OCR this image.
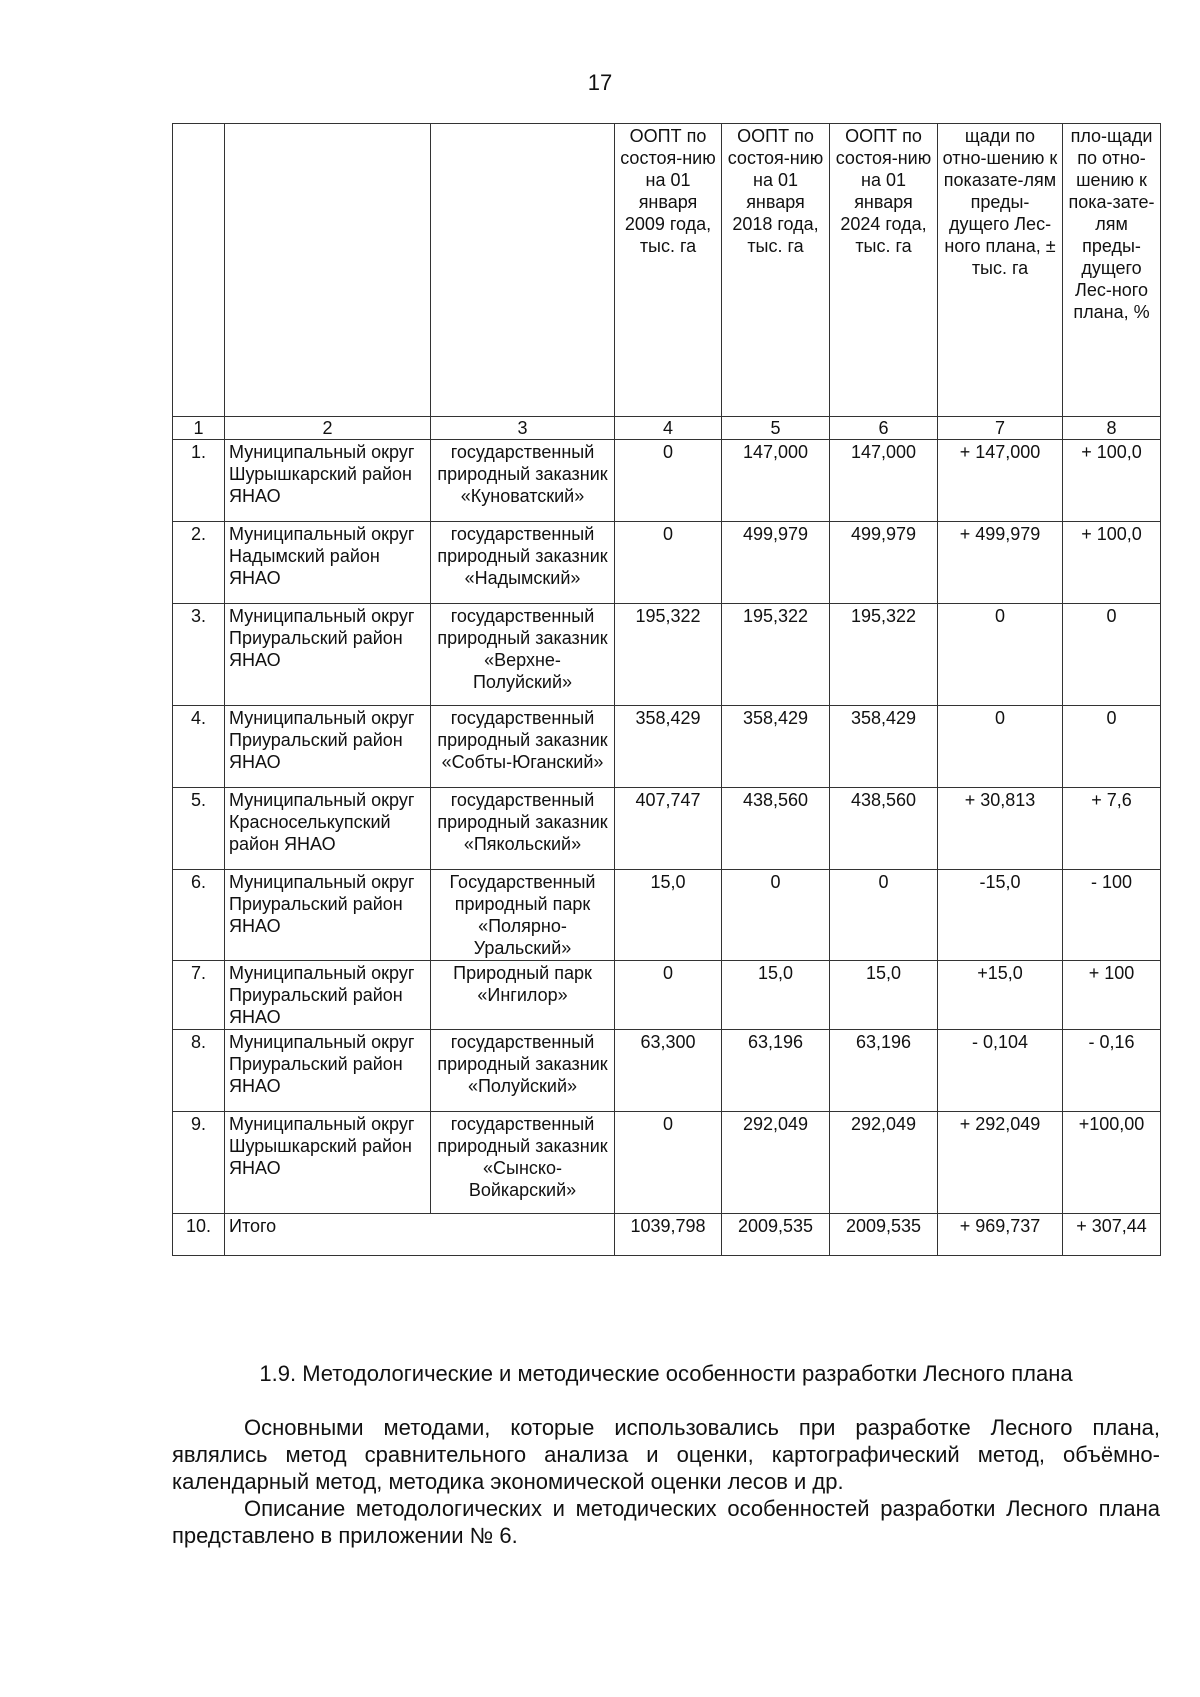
17
			ООПТ по состоя-нию на 01 января 2009 года, тыс. га	ООПТ по состоя-нию на 01 января 2018 года, тыс. га	ООПТ по состоя-нию на 01 января 2024 года, тыс. га	щади по отно-шению к показате-лям преды-дущего Лес-ного плана, ± тыс. га	пло-щади по отно-шению к пока-зате-лям преды-дущего Лес-ного плана, %
1	2	3	4	5	6	7	8
1.	Муниципальный округ Шурышкарский район ЯНАО	государственный природный заказник «Куноватский»	0	147,000	147,000	+ 147,000	+ 100,0
2.	Муниципальный округ Надымский район ЯНАО	государственный природный заказник «Надымский»	0	499,979	499,979	+ 499,979	+ 100,0
3.	Муниципальный округ Приуральский район ЯНАО	государственный природный заказник «Верхне-Полуйский»	195,322	195,322	195,322	0	0
4.	Муниципальный округ Приуральский район ЯНАО	государственный природный заказник «Собты-Юганский»	358,429	358,429	358,429	0	0
5.	Муниципальный округ Красноселькупский район ЯНАО	государственный природный заказник «Пякольский»	407,747	438,560	438,560	+ 30,813	+ 7,6
6.	Муниципальный округ Приуральский район ЯНАО	Государственный природный парк «Полярно-Уральский»	15,0	0	0	-15,0	- 100
7.	Муниципальный округ Приуральский район ЯНАО	Природный парк «Ингилор»	0	15,0	15,0	+15,0	+ 100
8.	Муниципальный округ Приуральский район ЯНАО	государственный природный заказник «Полуйский»	63,300	63,196	63,196	- 0,104	- 0,16
9.	Муниципальный округ Шурышкарский район ЯНАО	государственный природный заказник «Сынско-Войкарский»	0	292,049	292,049	+ 292,049	+100,00
10.	Итого		1039,798	2009,535	2009,535	+ 969,737	+ 307,44
1.9. Методологические и методические особенности разработки Лесного плана

Основными методами, которые использовались при разработке Лесного плана, являлись метод сравнительного анализа и оценки, картографический метод, объёмно-календарный метод, методика экономической оценки лесов и др.

Описание методологических и методических особенностей разработки Лесного плана представлено в приложении № 6.
